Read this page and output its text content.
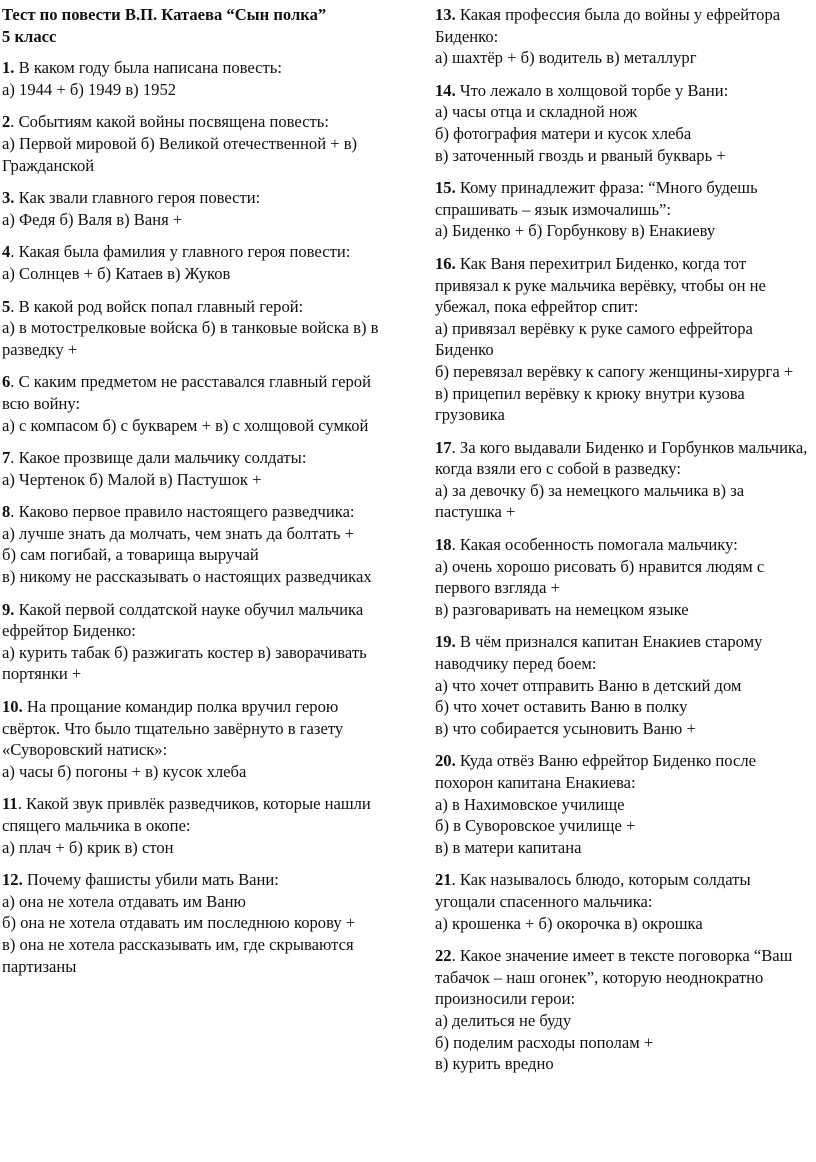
Тест по повести В.П. Катаева “Сын полка”
5 класс
1. В каком году была написана повесть:
а) 1944 + б) 1949 в) 1952
2. Событиям какой войны посвящена повесть:
а) Первой мировой б) Великой отечественной + в) Гражданской
3. Как звали главного героя повести:
а) Федя б) Валя в) Ваня +
4. Какая была фамилия у главного героя повести:
а) Солнцев + б) Катаев в) Жуков
5. В какой род войск попал главный герой:
а) в мотострелковые войска б) в танковые войска в) в разведку +
6. С каким предметом не расставался главный герой всю войну:
а) с компасом б) с букварем + в) с холщовой сумкой
7. Какое прозвище дали мальчику солдаты:
а) Чертенок б) Малой в) Пастушок +
8. Каково первое правило настоящего разведчика:
а) лучше знать да молчать, чем знать да болтать +
б) сам погибай, а товарища выручай
в) никому не рассказывать о настоящих разведчиках
9. Какой первой солдатской науке обучил мальчика ефрейтор Биденко:
а) курить табак б) разжигать костер в) заворачивать портянки +
10. На прощание командир полка вручил герою свёрток. Что было тщательно завёрнуто в газету «Суворовский натиск»:
а) часы б) погоны + в) кусок хлеба
11. Какой звук привлёк разведчиков, которые нашли спящего мальчика в окопе:
а) плач + б) крик в) стон
12. Почему фашисты убили мать Вани:
а) она не хотела отдавать им Ваню
б) она не хотела отдавать им последнюю корову +
в) она не хотела рассказывать им, где скрываются партизаны
13. Какая профессия была до войны у ефрейтора Биденко:
а) шахтёр + б) водитель в) металлург
14. Что лежало в холщовой торбе у Вани:
а) часы отца и складной нож
б) фотография матери и кусок хлеба
в) заточенный гвоздь и рваный букварь +
15. Кому принадлежит фраза: “Много будешь спрашивать – язык измочалишь”:
а) Биденко + б) Горбункову в) Енакиеву
16. Как Ваня перехитрил Биденко, когда тот привязал к руке мальчика верёвку, чтобы он не убежал, пока ефрейтор спит:
а) привязал верёвку к руке самого ефрейтора Биденко
б) перевязал верёвку к сапогу женщины-хирурга +
в) прицепил верёвку к крюку внутри кузова грузовика
17. За кого выдавали Биденко и Горбунков мальчика, когда взяли его с собой в разведку:
а) за девочку б) за немецкого мальчика в) за пастушка +
18. Какая особенность помогала мальчику:
а) очень хорошо рисовать б) нравится людям с первого взгляда +
в) разговаривать на немецком языке
19. В чём признался капитан Енакиев старому наводчику перед боем:
а) что хочет отправить Ваню в детский дом
б) что хочет оставить Ваню в полку
в) что собирается усыновить Ваню +
20. Куда отвёз Ваню ефрейтор Биденко после похорон капитана Енакиева:
а) в Нахимовское училище
б) в Суворовское училище +
в) в матери капитана
21. Как называлось блюдо, которым солдаты угощали спасенного мальчика:
а) крошенка + б) окорочка в) окрошка
22. Какое значение имеет в тексте поговорка “Ваш табачок – наш огонек”, которую неоднократно произносили герои:
а) делиться не буду
б) поделим расходы пополам +
в) курить вредно
